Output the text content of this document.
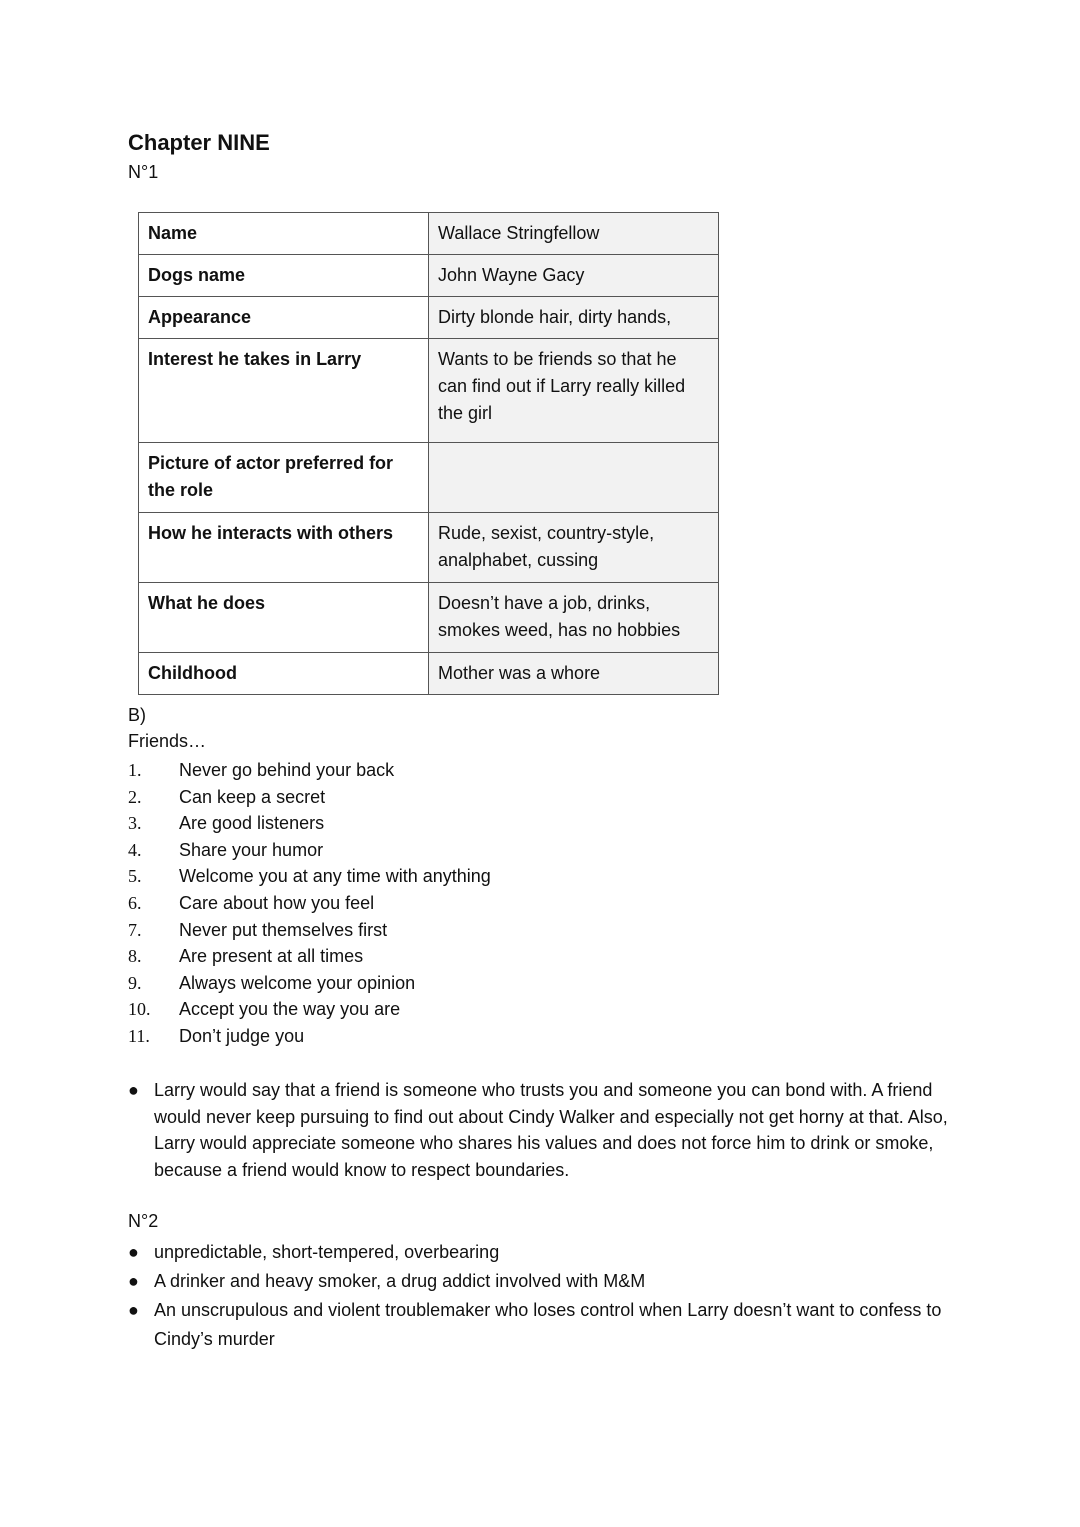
Chapter NINE
N°1
Name	Wallace Stringfellow
Dogs name	John Wayne Gacy
Appearance	Dirty blonde hair, dirty hands,
Interest he takes in Larry	Wants to be friends so that he can find out if Larry really killed the girl
Picture of actor preferred for the role	
How he interacts with others	Rude, sexist, country-style, analphabet, cussing
What he does	Doesn’t have a job, drinks, smokes weed, has no hobbies
Childhood	Mother was a whore
B)
Friends…
1.	Never go behind your back
2.	Can keep a secret
3.	Are good listeners
4.	Share your humor
5.	Welcome you at any time with anything
6.	Care about how you feel
7.	Never put themselves first
8.	Are present at all times
9.	Always welcome your opinion
10.	Accept you the way you are
11.	Don’t judge you
● Larry would say that a friend is someone who trusts you and someone you can bond with. A friend would never keep pursuing to find out about Cindy Walker and especially not get horny at that. Also, Larry would appreciate someone who shares his values and does not force him to drink or smoke, because a friend would know to respect boundaries.
N°2
● unpredictable, short-tempered, overbearing
● A drinker and heavy smoker, a drug addict involved with M&M
● An unscrupulous and violent troublemaker who loses control when Larry doesn’t want to confess to Cindy’s murder
